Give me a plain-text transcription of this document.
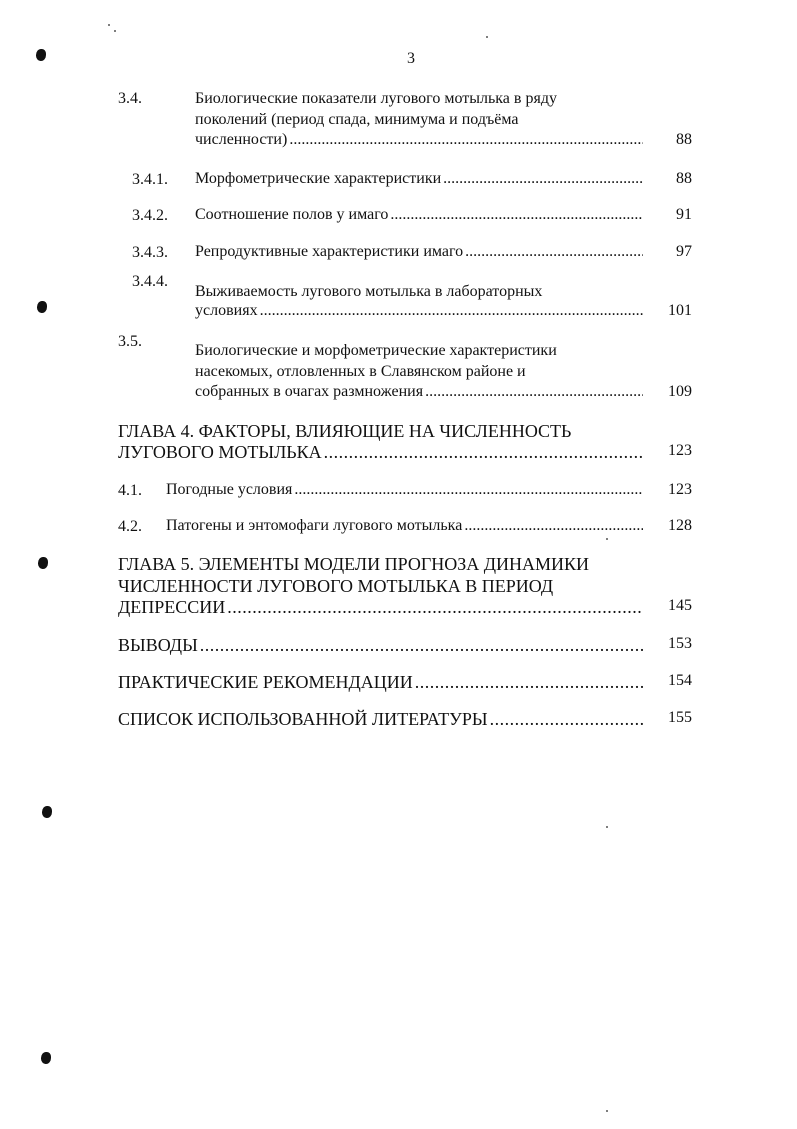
3
3.4.	Биологические показатели лугового мотылька в ряду
поколений (период спада, минимума и подъёма
численности) . . .	88
3.4.1. Морфометрические характеристики . . .	88
3.4.2. Соотношение полов у имаго . . .	91
3.4.3. Репродуктивные характеристики имаго . . .	97
3.4.4.
Выживаемость лугового мотылька в лабораторных
условиях . . .	101
3.5.
Биологические и морфометрические характеристики
насекомых, отловленных в Славянском районе и
собранных в очагах размножения . . .	109
ГЛАВА 4. ФАКТОРЫ, ВЛИЯЮЩИЕ НА ЧИСЛЕННОСТЬ
ЛУГОВОГО МОТЫЛЬКА . . .	123
4.1. Погодные условия . . .	123
4.2. Патогены и энтомофаги лугового мотылька . . .	128
ГЛАВА 5. ЭЛЕМЕНТЫ МОДЕЛИ ПРОГНОЗА ДИНАМИКИ
ЧИСЛЕННОСТИ ЛУГОВОГО МОТЫЛЬКА В ПЕРИОД
ДЕПРЕССИИ . . .	145
ВЫВОДЫ . . .	153
ПРАКТИЧЕСКИЕ РЕКОМЕНДАЦИИ . . .	154
СПИСОК ИСПОЛЬЗОВАННОЙ ЛИТЕРАТУРЫ . . .	155
